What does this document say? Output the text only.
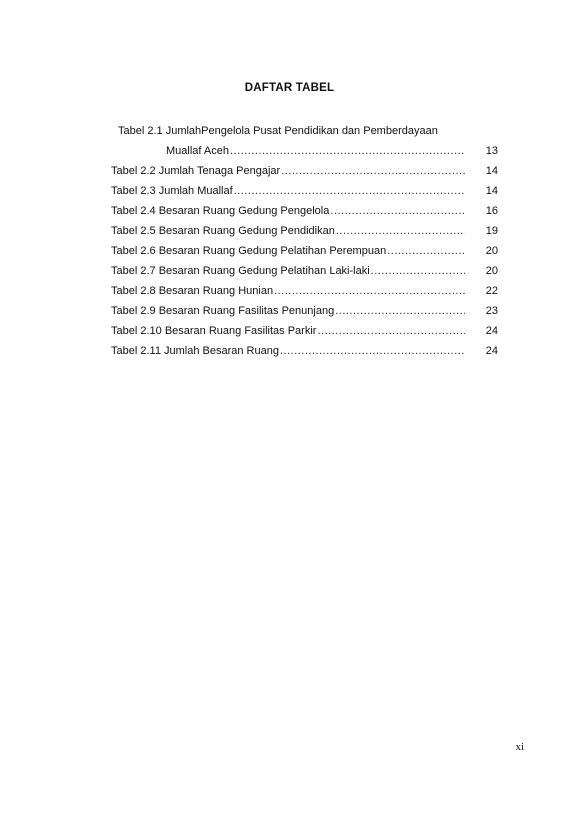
DAFTAR TABEL
Tabel 2.1 JumlahPengelola Pusat Pendidikan dan Pemberdayaan
Muallaf Aceh .....	13
Tabel 2.2 Jumlah Tenaga Pengajar .....	14
Tabel 2.3 Jumlah Muallaf .....	14
Tabel 2.4 Besaran Ruang Gedung Pengelola .....	16
Tabel 2.5 Besaran Ruang Gedung Pendidikan .....	19
Tabel 2.6 Besaran Ruang Gedung Pelatihan Perempuan .....	20
Tabel 2.7 Besaran Ruang Gedung Pelatihan Laki-laki .....	20
Tabel 2.8 Besaran Ruang Hunian .....	22
Tabel 2.9 Besaran Ruang Fasilitas Penunjang .....	23
Tabel 2.10 Besaran Ruang Fasilitas Parkir .....	24
Tabel 2.11 Jumlah Besaran Ruang .....	24
xi
